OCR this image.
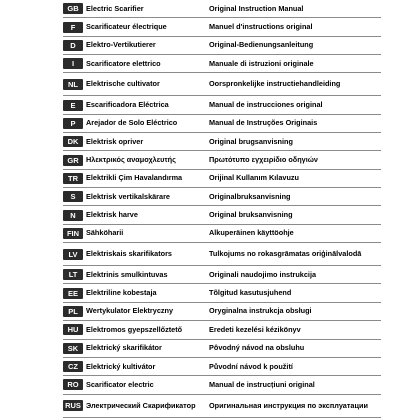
GB	Electric Scarifier	Original Instruction Manual
F	Scarificateur électrique	Manuel d'instructions original
D	Elektro-Vertikutierer	Original-Bedienungsanleitung
I	Scarificatore elettrico	Manuale di istruzioni originale
NL	Elektrische cultivator	Oorspronkelijke instructiehandleiding
E	Escarificadora Eléctrica	Manual de instrucciones original
P	Arejador de Solo Eléctrico	Manual de Instruções Originais
DK	Elektrisk opriver	Original brugsanvisning
GR	Ηλεκτρικός αναμοχλευτής	Πρωτότυπο εγχειρίδιο οδηγιών
TR	Elektrikli Çim Havalandırma	Orijinal Kullanım Kılavuzu
S	Elektrisk vertikalskärare	Originalbruksanvisning
N	Elektrisk harve	Original bruksanvisning
FIN Sähköharii	Alkuperäinen käyttöohje
LV	Elektriskais skarifikators	Tulkojums no rokasgrāmatas oriģinālvalodā
LT	Elektrinis smulkintuvas	Originali naudojimo instrukcija
EE	Elektriline kobestaja	Tõlgitud kasutusjuhend
PL	Wertykulator Elektryczny	Oryginalna instrukcja obsługi
HU	Elektromos gyepszellőztető	Eredeti kezelési kézikönyv
SK	Elektrický skarifikátor	Pôvodný návod na obsluhu
CZ	Elektrický kultivátor	Původní návod k použití
RO	Scarificator electric	Manual de instrucțiuni original
RUS Электрический Скарификатор	Оригинальная инструкция по эксплуатации
